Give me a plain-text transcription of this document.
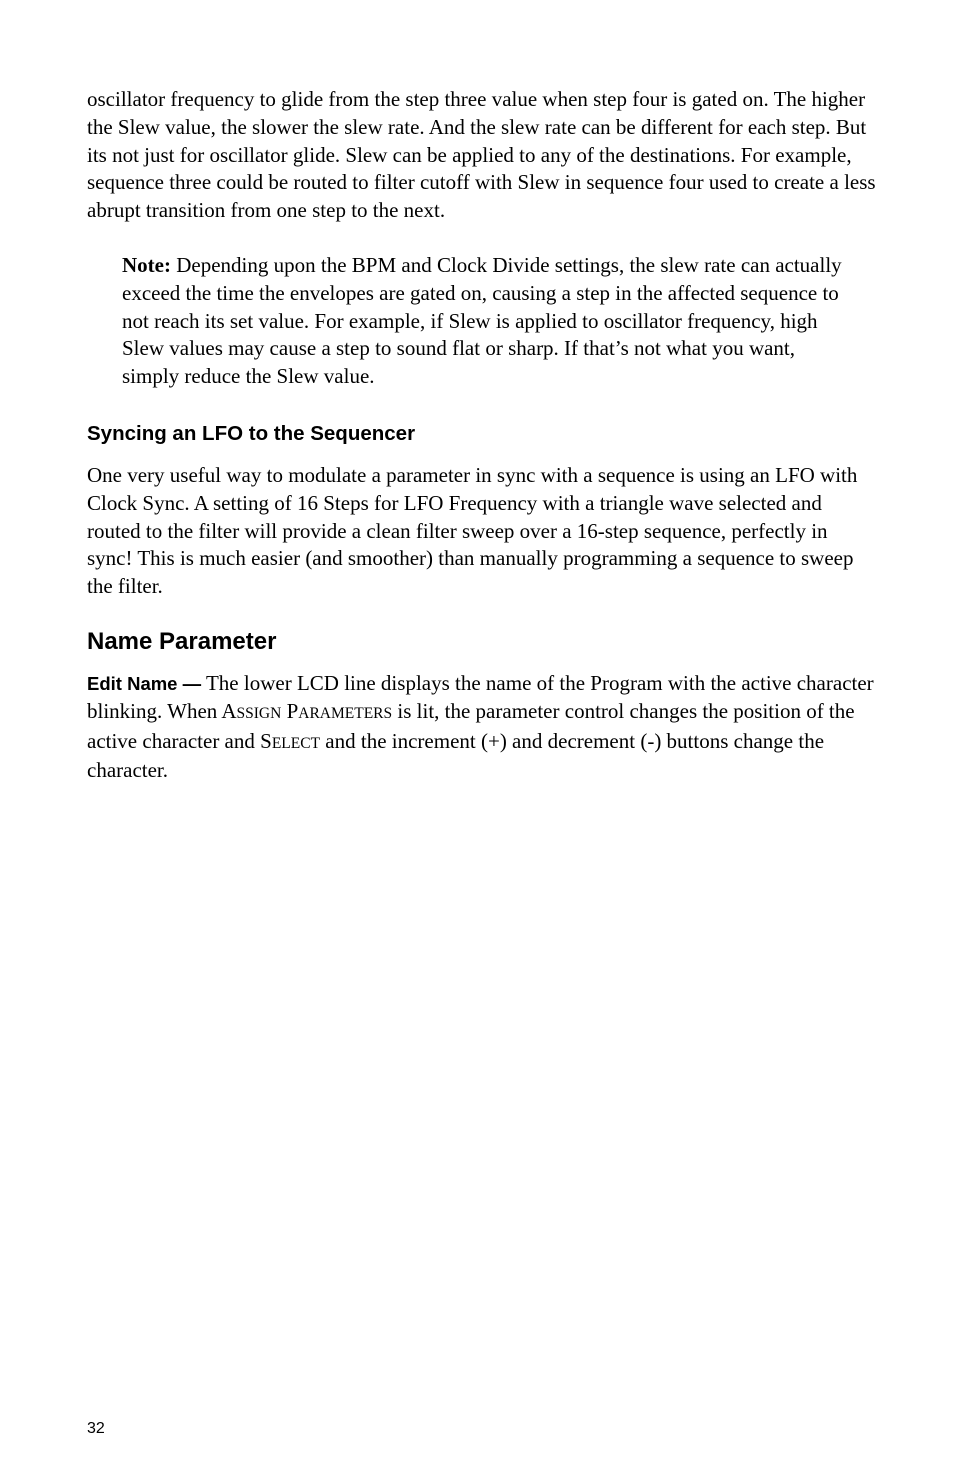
oscillator frequency to glide from the step three value when step four is gated on. The higher the Slew value, the slower the slew rate. And the slew rate can be different for each step. But its not just for oscillator glide. Slew can be applied to any of the destinations. For example, sequence three could be routed to filter cutoff with Slew in sequence four used to create a less abrupt transition from one step to the next.

Note: Depending upon the BPM and Clock Divide settings, the slew rate can actually exceed the time the envelopes are gated on, causing a step in the affected sequence to not reach its set value. For example, if Slew is applied to oscillator frequency, high Slew values may cause a step to sound flat or sharp. If that’s not what you want, simply reduce the Slew value.

Syncing an LFO to the Sequencer

One very useful way to modulate a parameter in sync with a sequence is using an LFO with Clock Sync. A setting of 16 Steps for LFO Frequency with a triangle wave selected and routed to the filter will provide a clean filter sweep over a 16-step sequence, perfectly in sync! This is much easier (and smoother) than manually programming a sequence to sweep the filter.

Name Parameter

Edit Name — The lower LCD line displays the name of the Program with the active character blinking. When ASSIGN PARAMETERS is lit, the parameter control changes the position of the active character and SELECT and the increment (+) and decrement (-) buttons change the character.

32
